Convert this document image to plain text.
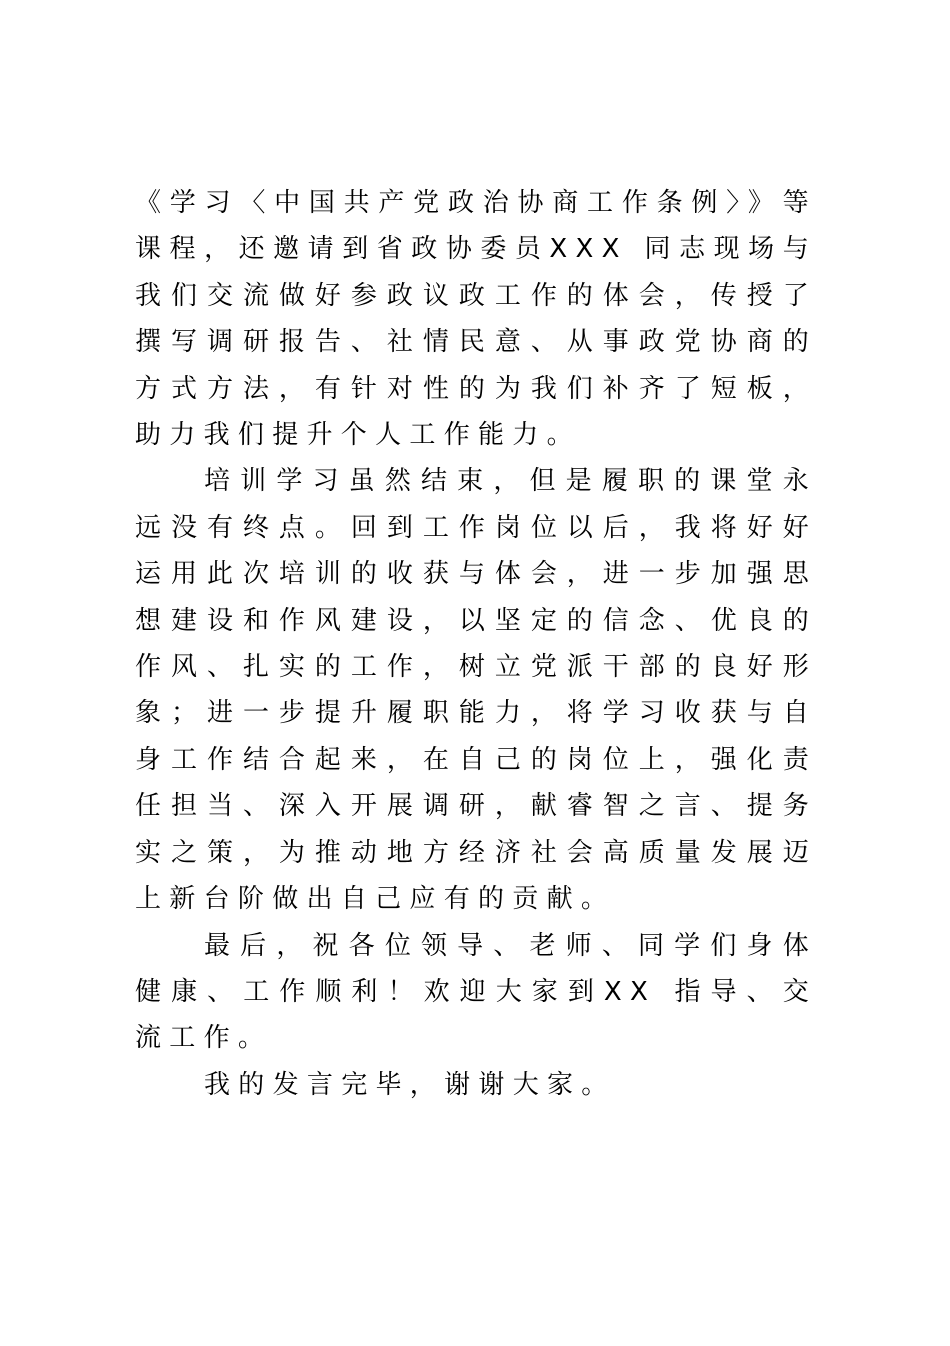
《学习〈中国共产党政治协商工作条例〉》等课程，还邀请到省政协委员XXX 同志现场与我们交流做好参政议政工作的体会，传授了撰写调研报告、社情民意、从事政党协商的方式方法，有针对性的为我们补齐了短板，助力我们提升个人工作能力。

培训学习虽然结束，但是履职的课堂永远没有终点。回到工作岗位以后，我将好好运用此次培训的收获与体会，进一步加强思想建设和作风建设，以坚定的信念、优良的作风、扎实的工作，树立党派干部的良好形象；进一步提升履职能力，将学习收获与自身工作结合起来，在自己的岗位上，强化责任担当、深入开展调研，献睿智之言、提务实之策，为推动地方经济社会高质量发展迈上新台阶做出自己应有的贡献。

最后，祝各位领导、老师、同学们身体健康、工作顺利！欢迎大家到XX 指导、交流工作。

我的发言完毕，谢谢大家。
